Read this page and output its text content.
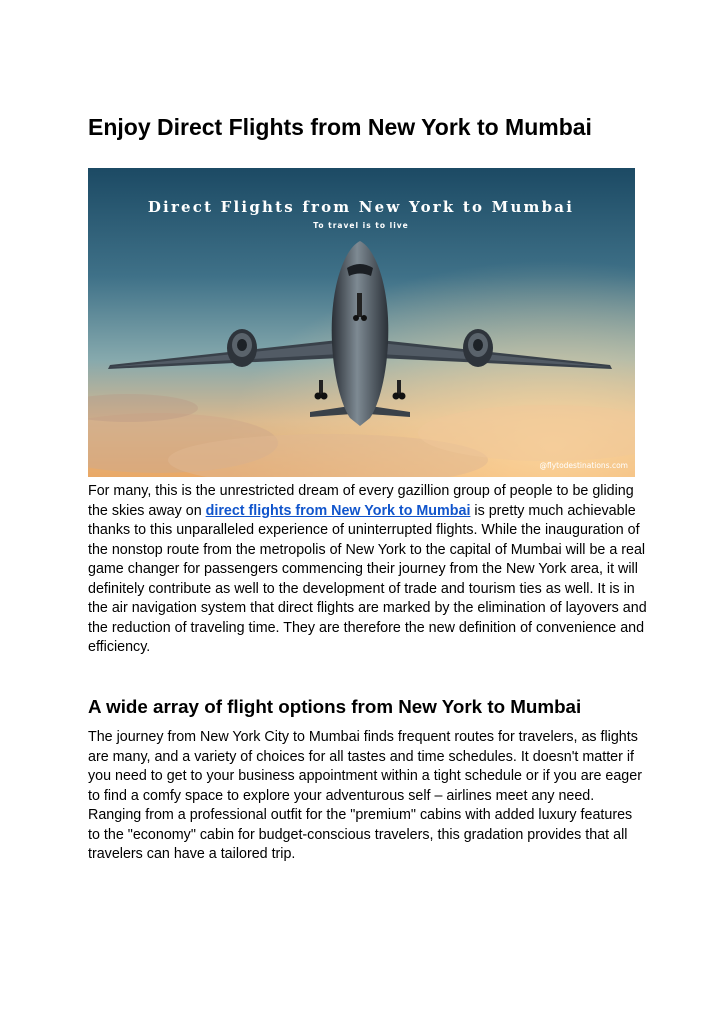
Enjoy Direct Flights from New York to Mumbai
Direct Flights from New York to Mumbai
To travel is to live
@flytodestinations.com

For many, this is the unrestricted dream of every gazillion group of people to be gliding the skies away on direct flights from New York to Mumbai is pretty much achievable thanks to this unparalleled experience of uninterrupted flights. While the inauguration of the nonstop route from the metropolis of New York to the capital of Mumbai will be a real game changer for passengers commencing their journey from the New York area, it will definitely contribute as well to the development of trade and tourism ties as well. It is in the air navigation system that direct flights are marked by the elimination of layovers and the reduction of traveling time. They are therefore the new definition of convenience and efficiency.

A wide array of flight options from New York to Mumbai

The journey from New York City to Mumbai finds frequent routes for travelers, as flights are many, and a variety of choices for all tastes and time schedules. It doesn't matter if you need to get to your business appointment within a tight schedule or if you are eager to find a comfy space to explore your adventurous self – airlines meet any need. Ranging from a professional outfit for the "premium" cabins with added luxury features to the "economy" cabin for budget-conscious travelers, this gradation provides that all travelers can have a tailored trip.
